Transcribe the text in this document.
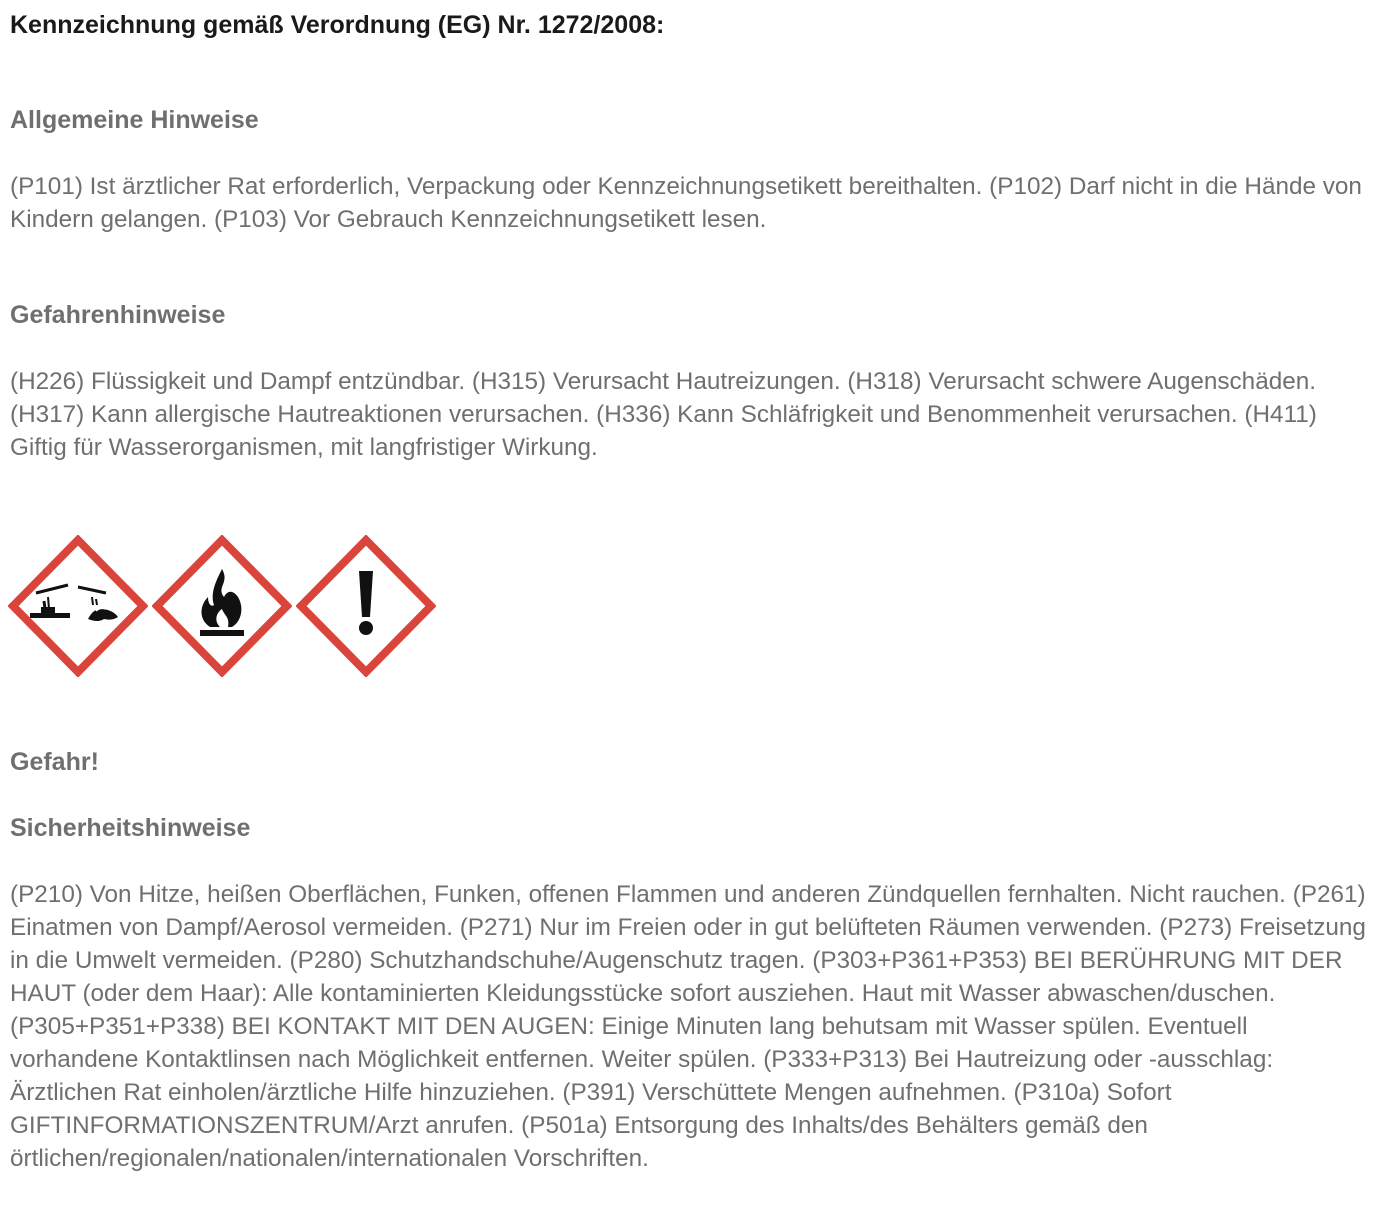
Kennzeichnung gemäß Verordnung (EG) Nr. 1272/2008:
Allgemeine Hinweise

(P101) Ist ärztlicher Rat erforderlich, Verpackung oder Kennzeichnungsetikett bereithalten. (P102) Darf nicht in die Hände von Kindern gelangen. (P103) Vor Gebrauch Kennzeichnungsetikett lesen.

Gefahrenhinweise

(H226) Flüssigkeit und Dampf entzündbar. (H315) Verursacht Hautreizungen. (H318) Verursacht schwere Augenschäden. (H317) Kann allergische Hautreaktionen verursachen. (H336) Kann Schläfrigkeit und Benommenheit verursachen. (H411) Giftig für Wasserorganismen, mit langfristiger Wirkung.

Gefahr!
Sicherheitshinweise

(P210) Von Hitze, heißen Oberflächen, Funken, offenen Flammen und anderen Zündquellen fernhalten. Nicht rauchen. (P261) Einatmen von Dampf/Aerosol vermeiden. (P271) Nur im Freien oder in gut belüfteten Räumen verwenden. (P273) Freisetzung in die Umwelt vermeiden. (P280) Schutzhandschuhe/Augenschutz tragen. (P303+P361+P353) BEI BERÜHRUNG MIT DER HAUT (oder dem Haar): Alle kontaminierten Kleidungsstücke sofort ausziehen. Haut mit Wasser abwaschen/duschen. (P305+P351+P338) BEI KONTAKT MIT DEN AUGEN: Einige Minuten lang behutsam mit Wasser spülen. Eventuell vorhandene Kontaktlinsen nach Möglichkeit entfernen. Weiter spülen. (P333+P313) Bei Hautreizung oder -ausschlag: Ärztlichen Rat einholen/ärztliche Hilfe hinzuziehen. (P391) Verschüttete Mengen aufnehmen. (P310a) Sofort GIFTINFORMATIONSZENTRUM/Arzt anrufen. (P501a) Entsorgung des Inhalts/des Behälters gemäß den örtlichen/regionalen/nationalen/internationalen Vorschriften.
